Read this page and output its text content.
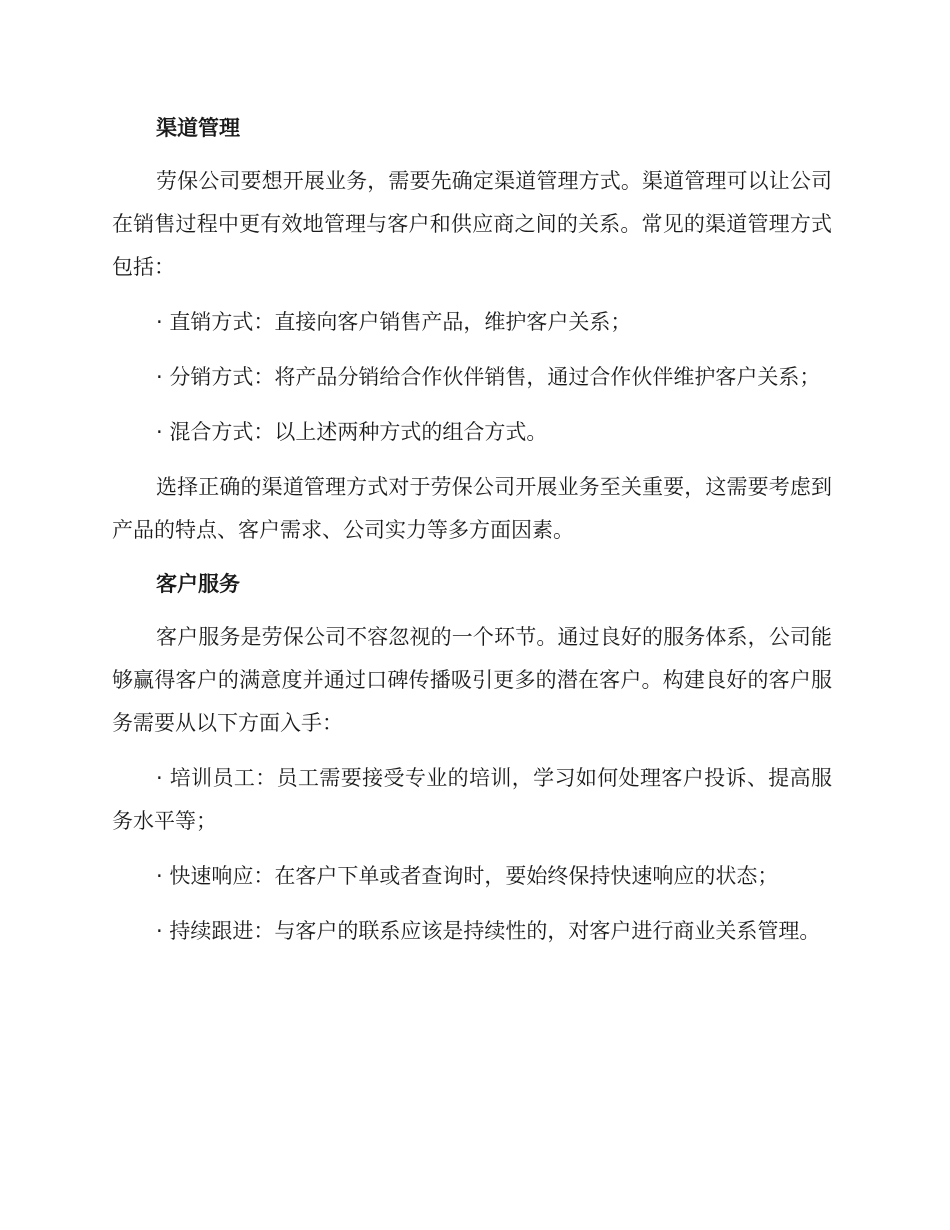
渠道管理

劳保公司要想开展业务，需要先确定渠道管理方式。渠道管理可以让公司在销售过程中更有效地管理与客户和供应商之间的关系。常见的渠道管理方式包括：

· 直销方式：直接向客户销售产品，维护客户关系；

· 分销方式：将产品分销给合作伙伴销售，通过合作伙伴维护客户关系；

· 混合方式：以上述两种方式的组合方式。

选择正确的渠道管理方式对于劳保公司开展业务至关重要，这需要考虑到产品的特点、客户需求、公司实力等多方面因素。

客户服务

客户服务是劳保公司不容忽视的一个环节。通过良好的服务体系，公司能够赢得客户的满意度并通过口碑传播吸引更多的潜在客户。构建良好的客户服务需要从以下方面入手：

· 培训员工：员工需要接受专业的培训，学习如何处理客户投诉、提高服务水平等；

· 快速响应：在客户下单或者查询时，要始终保持快速响应的状态；

· 持续跟进：与客户的联系应该是持续性的，对客户进行商业关系管理。
